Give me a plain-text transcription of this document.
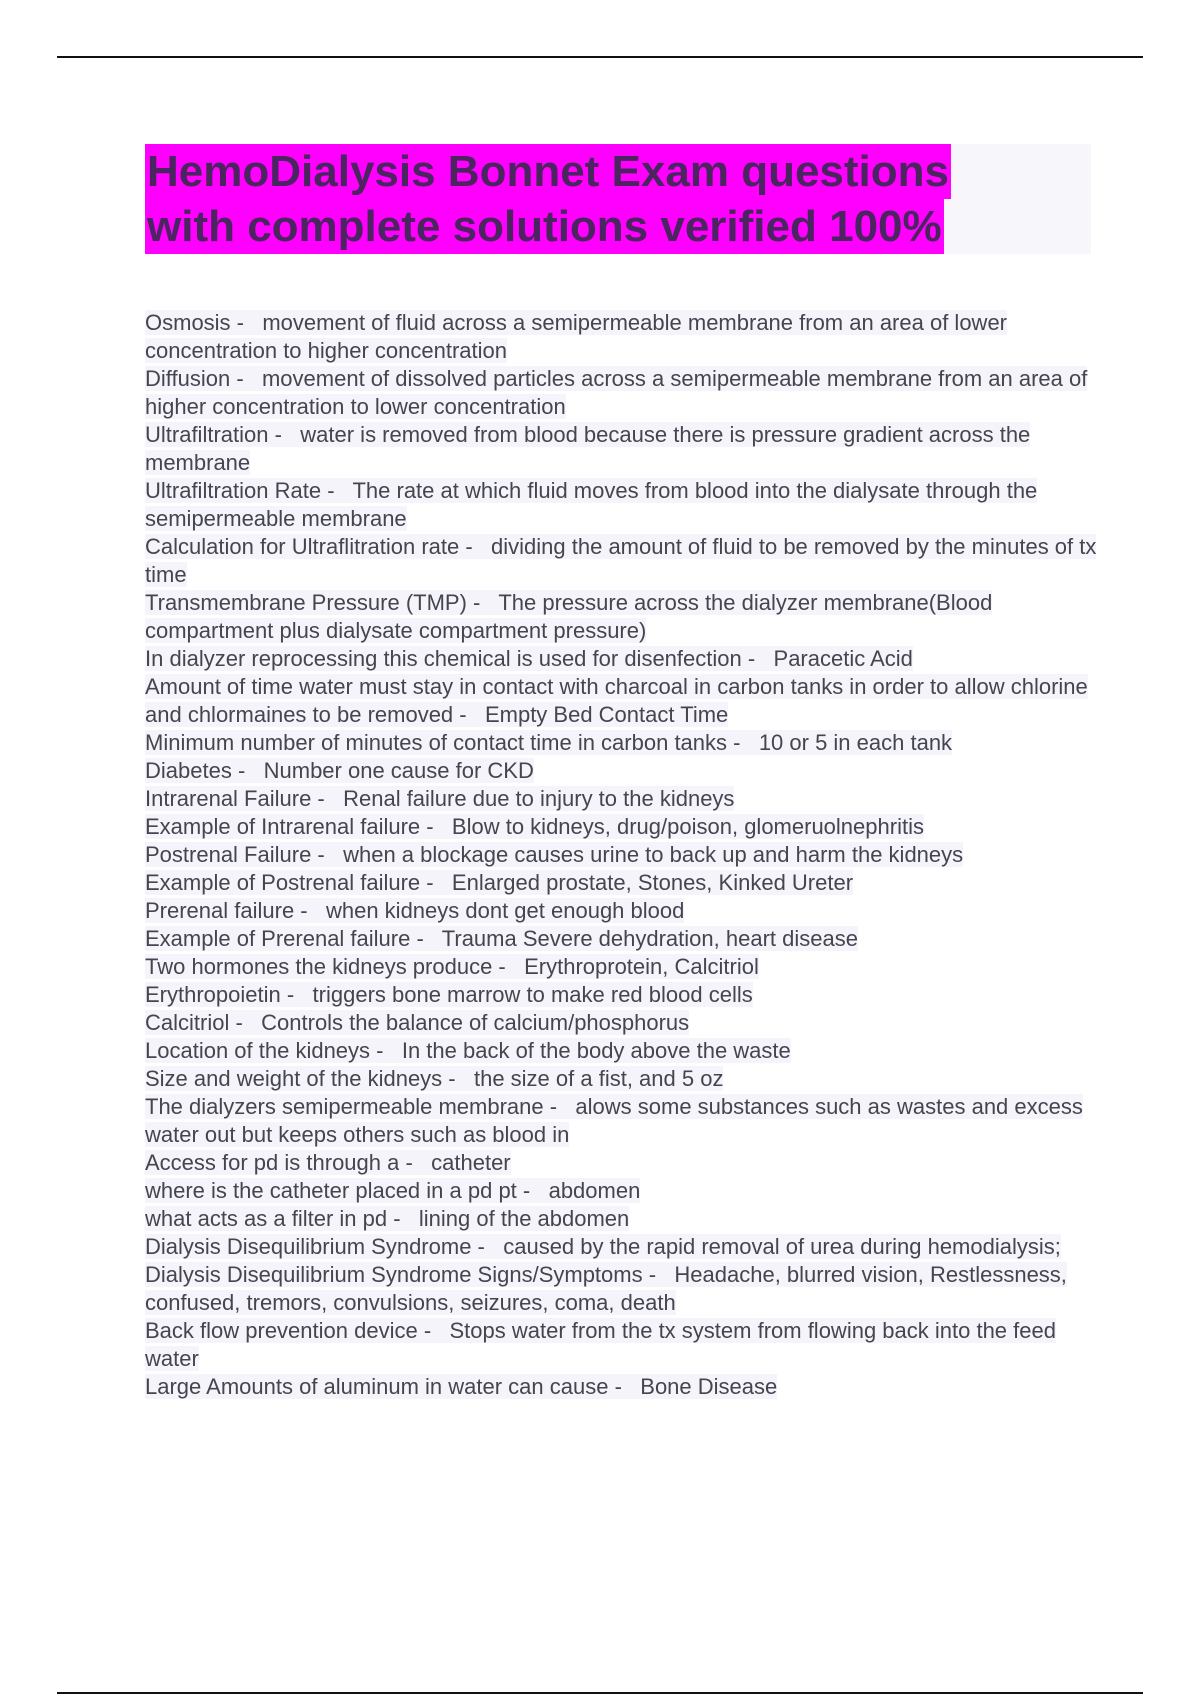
HemoDialysis Bonnet Exam questions
with complete solutions verified 100%

Osmosis -   movement of fluid across a semipermeable membrane from an area of lower concentration to higher concentration

Diffusion -   movement of dissolved particles across a semipermeable membrane from an area of higher concentration to lower concentration

Ultrafiltration -   water is removed from blood because there is pressure gradient across the membrane

Ultrafiltration Rate -   The rate at which fluid moves from blood into the dialysate through the semipermeable membrane

Calculation for Ultraflitration rate -   dividing the amount of fluid to be removed by the minutes of tx time

Transmembrane Pressure (TMP) -   The pressure across the dialyzer membrane(Blood compartment plus dialysate compartment pressure)

In dialyzer reprocessing this chemical is used for disenfection -   Paracetic Acid

Amount of time water must stay in contact with charcoal in carbon tanks in order to allow chlorine and chlormaines to be removed -   Empty Bed Contact Time

Minimum number of minutes of contact time in carbon tanks -   10 or 5 in each tank

Diabetes -   Number one cause for CKD

Intrarenal Failure -   Renal failure due to injury to the kidneys

Example of Intrarenal failure -   Blow to kidneys, drug/poison, glomeruolnephritis

Postrenal Failure -   when a blockage causes urine to back up and harm the kidneys

Example of Postrenal failure -   Enlarged prostate, Stones, Kinked Ureter

Prerenal failure -   when kidneys dont get enough blood

Example of Prerenal failure -   Trauma Severe dehydration, heart disease

Two hormones the kidneys produce -   Erythroprotein, Calcitriol

Erythropoietin -   triggers bone marrow to make red blood cells

Calcitriol -   Controls the balance of calcium/phosphorus

Location of the kidneys -   In the back of the body above the waste

Size and weight of the kidneys -   the size of a fist, and 5 oz

The dialyzers semipermeable membrane -   alows some substances such as wastes and excess water out but keeps others such as blood in

Access for pd is through a -   catheter

where is the catheter placed in a pd pt -   abdomen

what acts as a filter in pd -   lining of the abdomen

Dialysis Disequilibrium Syndrome -   caused by the rapid removal of urea during hemodialysis;

Dialysis Disequilibrium Syndrome Signs/Symptoms -   Headache, blurred vision, Restlessness, confused, tremors, convulsions, seizures, coma, death

Back flow prevention device -   Stops water from the tx system from flowing back into the feed water

Large Amounts of aluminum in water can cause -   Bone Disease
